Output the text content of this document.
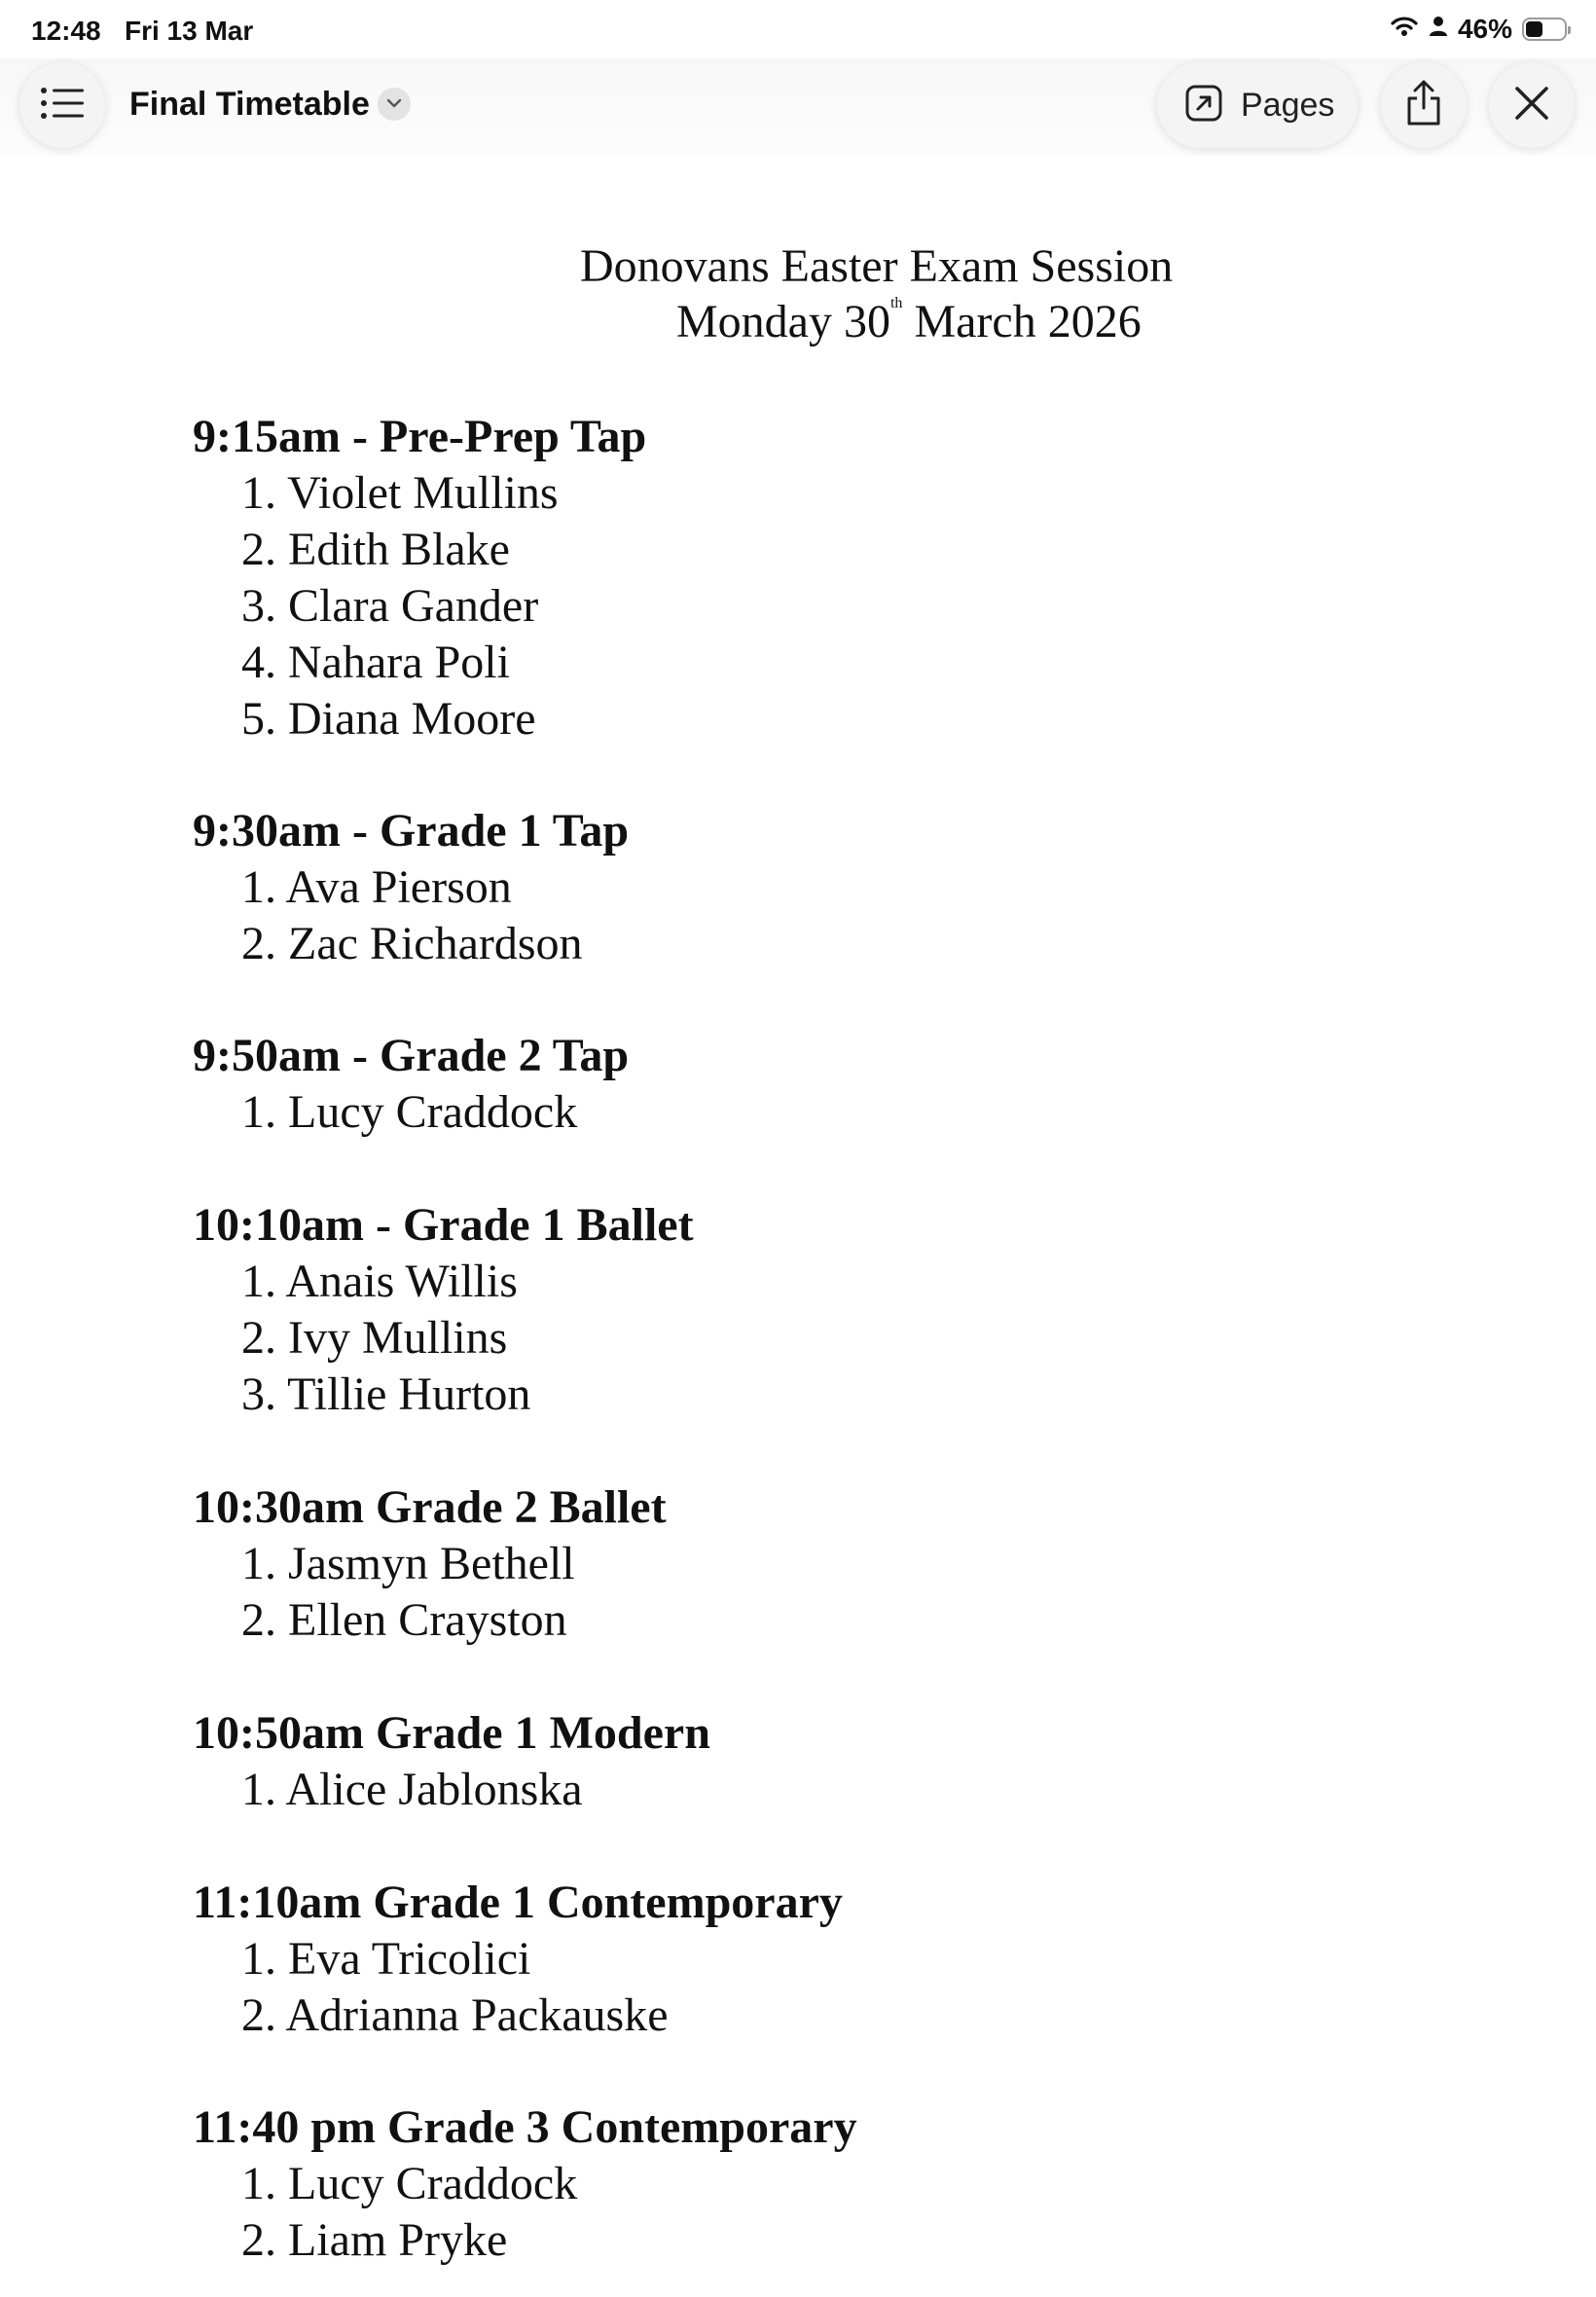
12:48 Fri 13 Mar	46%
Final Timetable	Pages
Donovans Easter Exam Session
Monday 30th March 2026
9:15am - Pre-Prep Tap
1. Violet Mullins
2. Edith Blake
3. Clara Gander
4. Nahara Poli
5. Diana Moore
9:30am - Grade 1 Tap
1. Ava Pierson
2. Zac Richardson
9:50am - Grade 2 Tap
1. Lucy Craddock
10:10am - Grade 1 Ballet
1. Anais Willis
2. Ivy Mullins
3. Tillie Hurton
10:30am Grade 2 Ballet
1. Jasmyn Bethell
2. Ellen Crayston
10:50am Grade 1 Modern
1. Alice Jablonska
11:10am Grade 1 Contemporary
1. Eva Tricolici
2. Adrianna Packauske
11:40 pm Grade 3 Contemporary
1. Lucy Craddock
2. Liam Pryke
